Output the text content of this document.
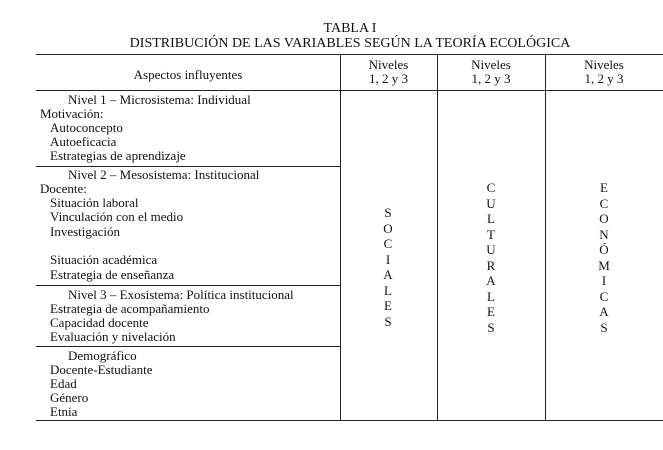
TABLA I
DISTRIBUCIÓN DE LAS VARIABLES SEGÚN LA TEORÍA ECOLÓGICA
Aspectos influyentes
Niveles
1, 2 y 3
Niveles
1, 2 y 3
Niveles
1, 2 y 3
Nivel 1 – Microsistema: Individual
Motivación:
Autoconcepto
Autoeficacia
Estrategias de aprendizaje
Nivel 2 – Mesosistema: Institucional
Docente:
Situación laboral
Vinculación con el medio
Investigación
Situación académica
Estrategia de enseñanza
Nivel 3 – Exosistema: Política institucional
Estrategia de acompañamiento
Capacidad docente
Evaluación y nivelación
Demográfico
Docente-Estudiante
Edad
Género
Etnia
S
O
C
I
A
L
E
S
C
U
L
T
U
R
A
L
E
S
E
C
O
N
Ó
M
I
C
A
S
